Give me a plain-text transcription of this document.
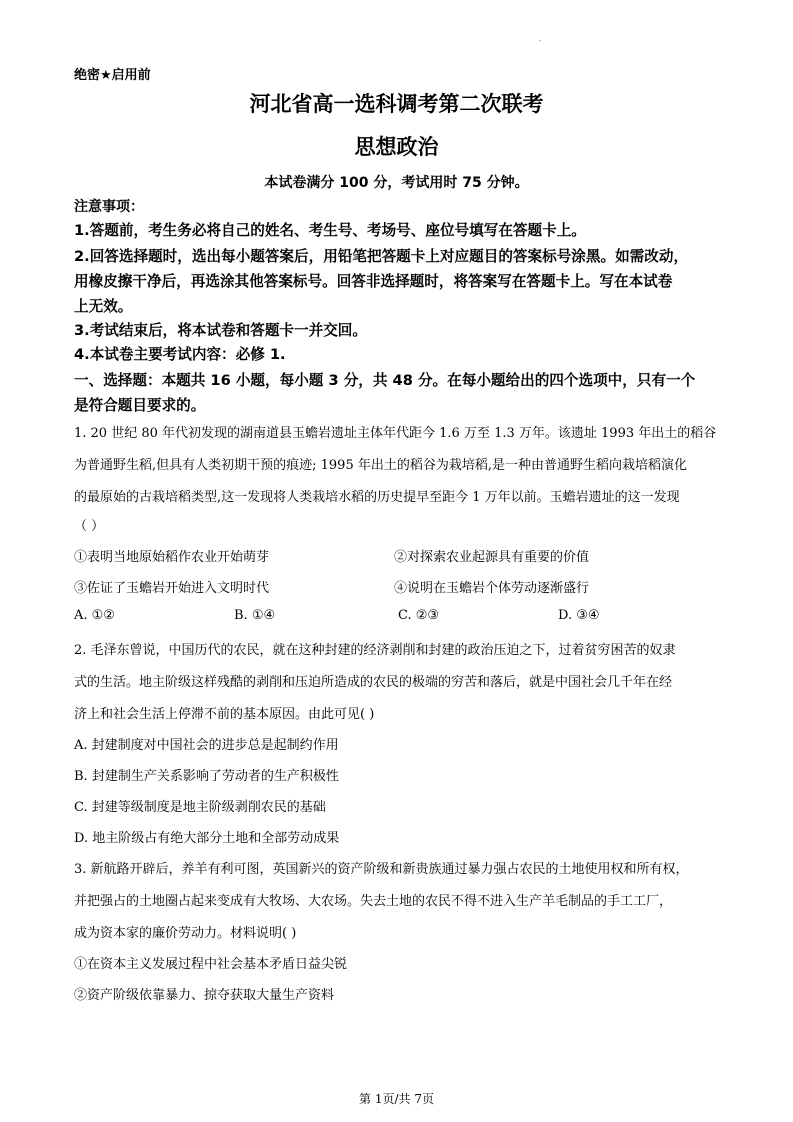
.
绝密★启用前
河北省高一选科调考第二次联考
思想政治
本试卷满分 100 分，考试用时 75 分钟。
注意事项：
1.答题前，考生务必将自己的姓名、考生号、考场号、座位号填写在答题卡上。
2.回答选择题时，选出每小题答案后，用铅笔把答题卡上对应题目的答案标号涂黑。如需改动，
用橡皮擦干净后，再选涂其他答案标号。回答非选择题时，将答案写在答题卡上。写在本试卷
上无效。
3.考试结束后，将本试卷和答题卡一并交回。
4.本试卷主要考试内容：必修 1.
一、选择题：本题共 16 小题，每小题 3 分，共 48 分。在每小题给出的四个选项中，只有一个
是符合题目要求的。
1. 20 世纪 80 年代初发现的湖南道县玉蟾岩遗址主体年代距今 1.6 万至 1.3 万年。该遗址 1993 年出土的稻谷
为普通野生稻,但具有人类初期干预的痕迹; 1995 年出土的稻谷为栽培稻,是一种由普通野生稻向栽培稻演化
的最原始的古栽培稻类型,这一发现将人类栽培水稻的历史提早至距今 1 万年以前。玉蟾岩遗址的这一发现
（ ）
①表明当地原始稻作农业开始萌芽	②对探索农业起源具有重要的价值
③佐证了玉蟾岩开始进入文明时代	④说明在玉蟾岩个体劳动逐渐盛行
A. ①②	B. ①④	C. ②③	D. ③④
2. 毛泽东曾说，中国历代的农民，就在这种封建的经济剥削和封建的政治压迫之下，过着贫穷困苦的奴隶
式的生活。地主阶级这样残酷的剥削和压迫所造成的农民的极端的穷苦和落后，就是中国社会几千年在经
济上和社会生活上停滞不前的基本原因。由此可见( )
A. 封建制度对中国社会的进步总是起制约作用
B. 封建制生产关系影响了劳动者的生产积极性
C. 封建等级制度是地主阶级剥削农民的基础
D. 地主阶级占有绝大部分土地和全部劳动成果
3. 新航路开辟后，养羊有利可图，英国新兴的资产阶级和新贵族通过暴力强占农民的土地使用权和所有权，
并把强占的土地圈占起来变成有大牧场、大农场。失去土地的农民不得不进入生产羊毛制品的手工工厂，
成为资本家的廉价劳动力。材料说明( )
①在资本主义发展过程中社会基本矛盾日益尖锐
②资产阶级依靠暴力、掠夺获取大量生产资料
第 1页/共 7页
